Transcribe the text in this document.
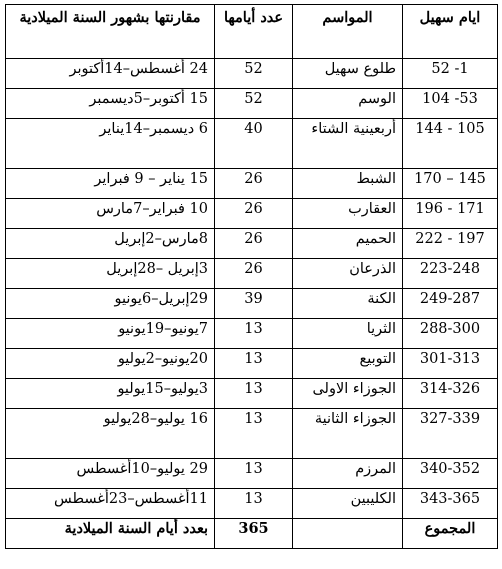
ايام سهيل	المواسم	عدد أيامها	مقارنتها بشهور السنة الميلادية
1- 52	طلوع سهيل	52	24 أغسطس–14أكتوبر
53- 104	الوسم	52	15 أكتوبر–5ديسمبر
105 - 144	أربعينية الشتاء	40	6 ديسمبر–14يناير
145 – 170	الشبط	26	15 يناير – 9 فبراير
171 - 196	العقارب	26	10 فبراير–7مارس
197 - 222	الحميم	26	8مارس–2إبريل
223-248	الذرعان	26	3إبريل –28إبريل
249-287	الكنة	39	29إبريل–6يونيو
288-300	الثريا	13	7يونيو–19يونيو
301-313	التوبيع	13	20يونيو–2يوليو
314-326	الجوزاء الاولى	13	3يوليو–15يوليو
327-339	الجوزاء الثانية	13	16 يوليو–28يوليو
340-352	المرزم	13	29 يوليو–10أغسطس
343-365	الكليبين	13	11أغسطس–23أغسطس
المجموع		365	بعدد أيام السنة الميلادية
